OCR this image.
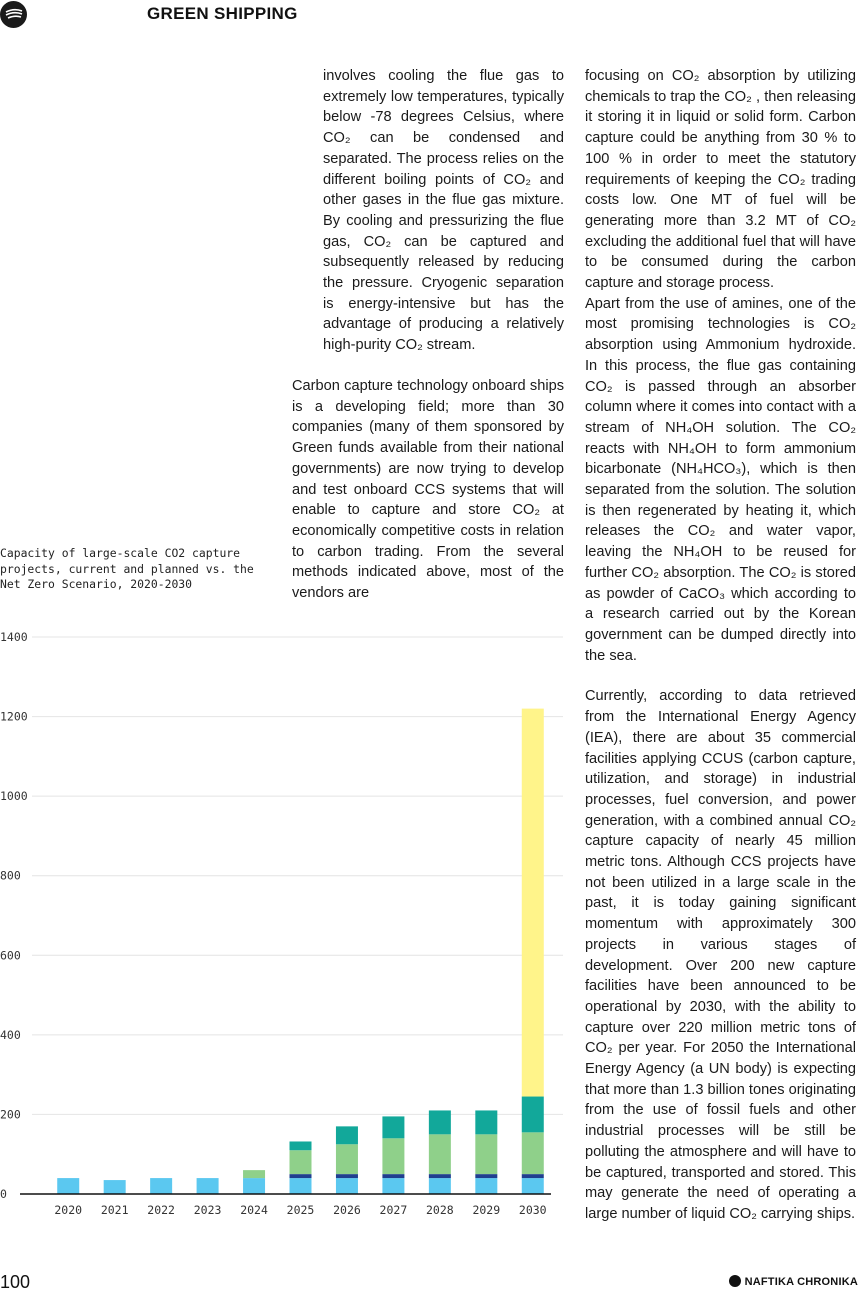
GREEN SHIPPING

involves cooling the flue gas to extremely low temperatures, typically below -78 degrees Celsius, where CO₂ can be condensed and separated. The process relies on the different boiling points of CO₂ and other gases in the flue gas mixture. By cooling and pressurizing the flue gas, CO₂ can be captured and subsequently released by reducing the pressure. Cryogenic separation is energy-intensive but has the advantage of producing a relatively high-purity CO₂ stream.

Carbon capture technology onboard ships is a developing field; more than 30 companies (many of them sponsored by Green funds available from their national governments) are now trying to develop and test onboard CCS systems that will enable to capture and store CO₂ at economically competitive costs in relation to carbon trading. From the several methods indicated above, most of the vendors are

focusing on CO₂ absorption by utilizing chemicals to trap the CO₂ , then releasing it storing it in liquid or solid form. Carbon capture could be anything from 30 % to 100 % in order to meet the statutory requirements of keeping the CO₂ trading costs low. One MT of fuel will be generating more than 3.2 MT of CO₂ excluding the additional fuel that will have to be consumed during the carbon capture and storage process.

Apart from the use of amines, one of the most promising technologies is CO₂ absorption using Ammonium hydroxide. In this process, the flue gas containing CO₂ is passed through an absorber column where it comes into contact with a stream of NH₄OH solution. The CO₂ reacts with NH₄OH to form ammonium bicarbonate (NH₄HCO₃), which is then separated from the solution. The solution is then regenerated by heating it, which releases the CO₂ and water vapor, leaving the NH₄OH to be reused for further CO₂ absorption. The CO₂ is stored as powder of CaCO₃ which according to a research carried out by the Korean government can be dumped directly into the sea.

Currently, according to data retrieved from the International Energy Agency (IEA), there are about 35 commercial facilities applying CCUS (carbon capture, utilization, and storage) in industrial processes, fuel conversion, and power generation, with a combined annual CO₂ capture capacity of nearly 45 million metric tons. Although CCS projects have not been utilized in a large scale in the past, it is today gaining significant momentum with approximately 300 projects in various stages of development. Over 200 new capture facilities have been announced to be operational by 2030, with the ability to capture over 220 million metric tons of CO₂ per year. For 2050 the International Energy Agency (a UN body) is expecting that more than 1.3 billion tones originating from the use of fossil fuels and other industrial processes will be still be polluting the atmosphere and will have to be captured, transported and stored. This may generate the need of operating a large number of liquid CO₂ carrying ships.

Capacity of large-scale CO2 capture projects, current and planned vs. the Net Zero Scenario, 2020-2030
0
200
400
600
800
1000
1200
1400
2020 2021 2022 2023 2024 2025 2026 2027 2028 2029 2030
100	NAFTIKA CHRONIKA
